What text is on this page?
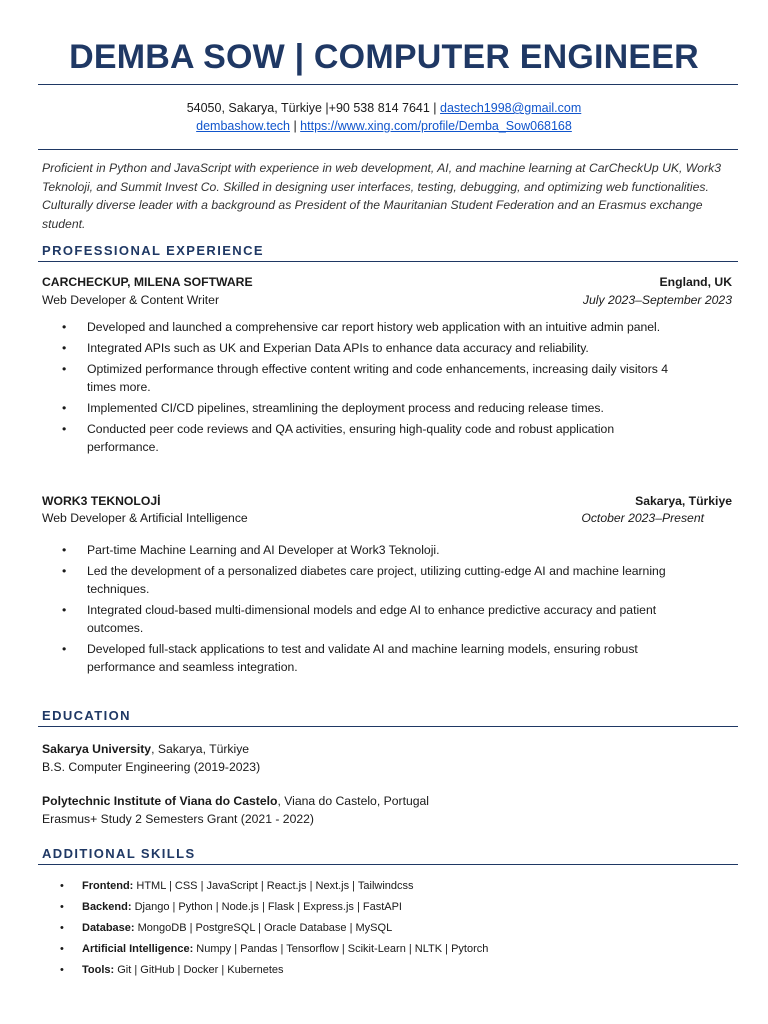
DEMBA SOW | COMPUTER ENGINEER
54050, Sakarya, Türkiye |+90 538 814 7641 | dastech1998@gmail.com
dembashow.tech | https://www.xing.com/profile/Demba_Sow068168
Proficient in Python and JavaScript with experience in web development, AI, and machine learning at CarCheckUp UK, Work3 Teknoloji, and Summit Invest Co. Skilled in designing user interfaces, testing, debugging, and optimizing web functionalities. Culturally diverse leader with a background as President of the Mauritanian Student Federation and an Erasmus exchange student.
PROFESSIONAL EXPERIENCE
CARCHECKUP, MILENA SOFTWARE	England, UK
Web Developer & Content Writer	July 2023–September 2023
• Developed and launched a comprehensive car report history web application with an intuitive admin panel.
• Integrated APIs such as UK and Experian Data APIs to enhance data accuracy and reliability.
• Optimized performance through effective content writing and code enhancements, increasing daily visitors 4 times more.
• Implemented CI/CD pipelines, streamlining the deployment process and reducing release times.
• Conducted peer code reviews and QA activities, ensuring high-quality code and robust application performance.
WORK3 TEKNOLOJİ	Sakarya, Türkiye
Web Developer & Artificial Intelligence	October 2023–Present
• Part-time Machine Learning and AI Developer at Work3 Teknoloji.
• Led the development of a personalized diabetes care project, utilizing cutting-edge AI and machine learning techniques.
• Integrated cloud-based multi-dimensional models and edge AI to enhance predictive accuracy and patient outcomes.
• Developed full-stack applications to test and validate AI and machine learning models, ensuring robust performance and seamless integration.
EDUCATION
Sakarya University, Sakarya, Türkiye
B.S. Computer Engineering (2019-2023)
Polytechnic Institute of Viana do Castelo, Viana do Castelo, Portugal
Erasmus+ Study 2 Semesters Grant (2021 - 2022)
ADDITIONAL SKILLS
• Frontend: HTML | CSS | JavaScript | React.js | Next.js | Tailwindcss
• Backend: Django | Python | Node.js | Flask | Express.js | FastAPI
• Database: MongoDB | PostgreSQL | Oracle Database | MySQL
• Artificial Intelligence: Numpy | Pandas | Tensorflow | Scikit-Learn | NLTK | Pytorch
• Tools: Git | GitHub | Docker | Kubernetes
